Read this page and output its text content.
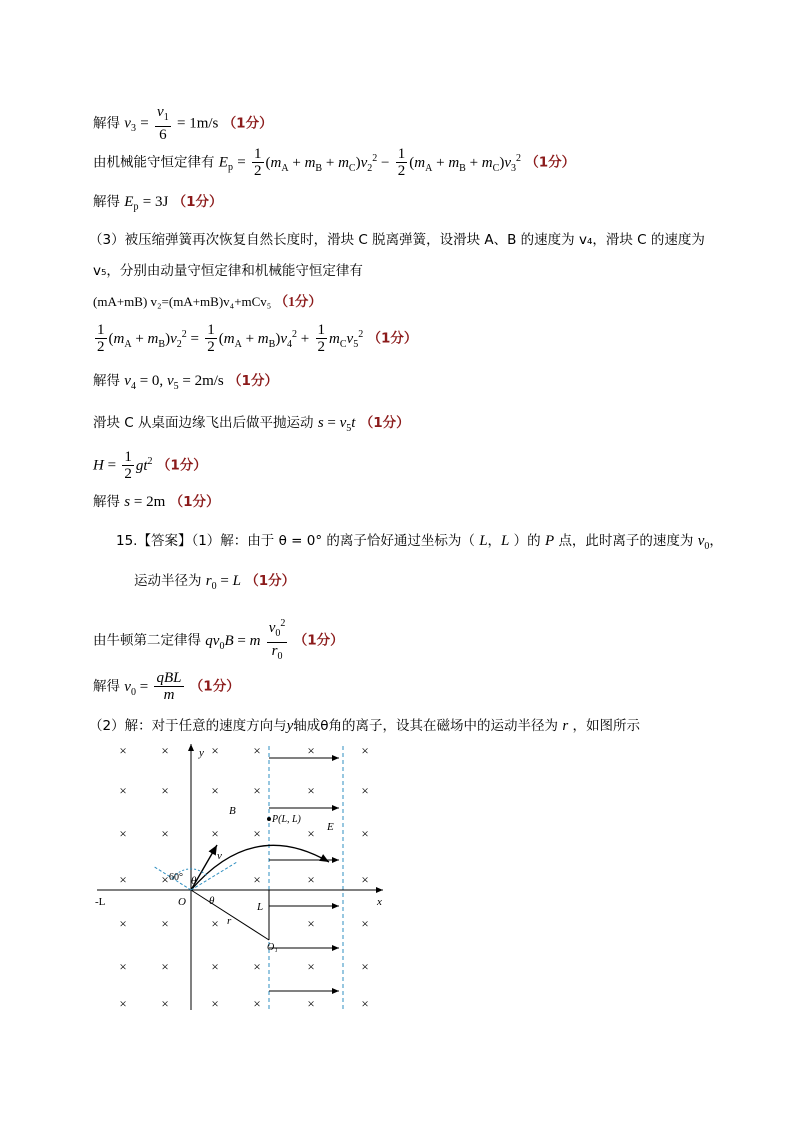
解得 $v_3 = \frac{v_1}{6} = 1m/s$ （1分）
由机械能守恒定律有 $E_p = \frac{1}{2} (m_A + m_B + m_C)v_2^2 - \frac{1}{2} (m_A + m_B + m_C)v_3^2$ （1分）
解得 $E_p = 3J$ （1分）
（3）被压缩弹簧再次恢复自然长度时，滑块 C 脱离弹簧，设滑块 A、B 的速度为 v₄，滑块 C 的速度为
v₅，分别由动量守恒定律和机械能守恒定律有
(mA+mB) v₂=(mA+mB)v₄+mCv₅ （1分）
$\frac{1}{2} (m_A + m_B)v_2^2 = \frac{1}{2} (m_A + m_B)v_4^2 + \frac{1}{2} m_Cv_5^2$ （1分）
解得 $v_4 = 0$, $v_5 = 2m/s$ （1分）
滑块 C 从桌面边缘飞出后做平抛运动 $s = v_5t$ （1分）
$H = \frac{1}{2} gt^2$ （1分）
解得 s = 2m （1分）
15.【答案】（1）解：由于 θ = 0° 的离子恰好通过坐标为（ L，L ）的 P 点，此时离子的速度为 $v_0$，
运动半径为 $r_0 = L$ （1分）
由牛顿第二定律得 $qv_0B = m \frac{v_0^2}{r_0} (1$分）
解得 $v_0 = \frac{\text{qBL}}{m} (1$分）
（2）解：对于任意的速度方向与y轴成θ角的离子，设其在磁场中的运动半径为 r ，如图所示
×	×	×	×	×	×
×	×	×	×	×	×
×	×	×	×	×	×
×	×	×	×	×
×	×	×	×	×
×	×	×	×	×	×
×	×	×	×	×	×
y
x
O
B
E
P(L, L)
v
θ
θ
r
L
O₁
60°
-L
